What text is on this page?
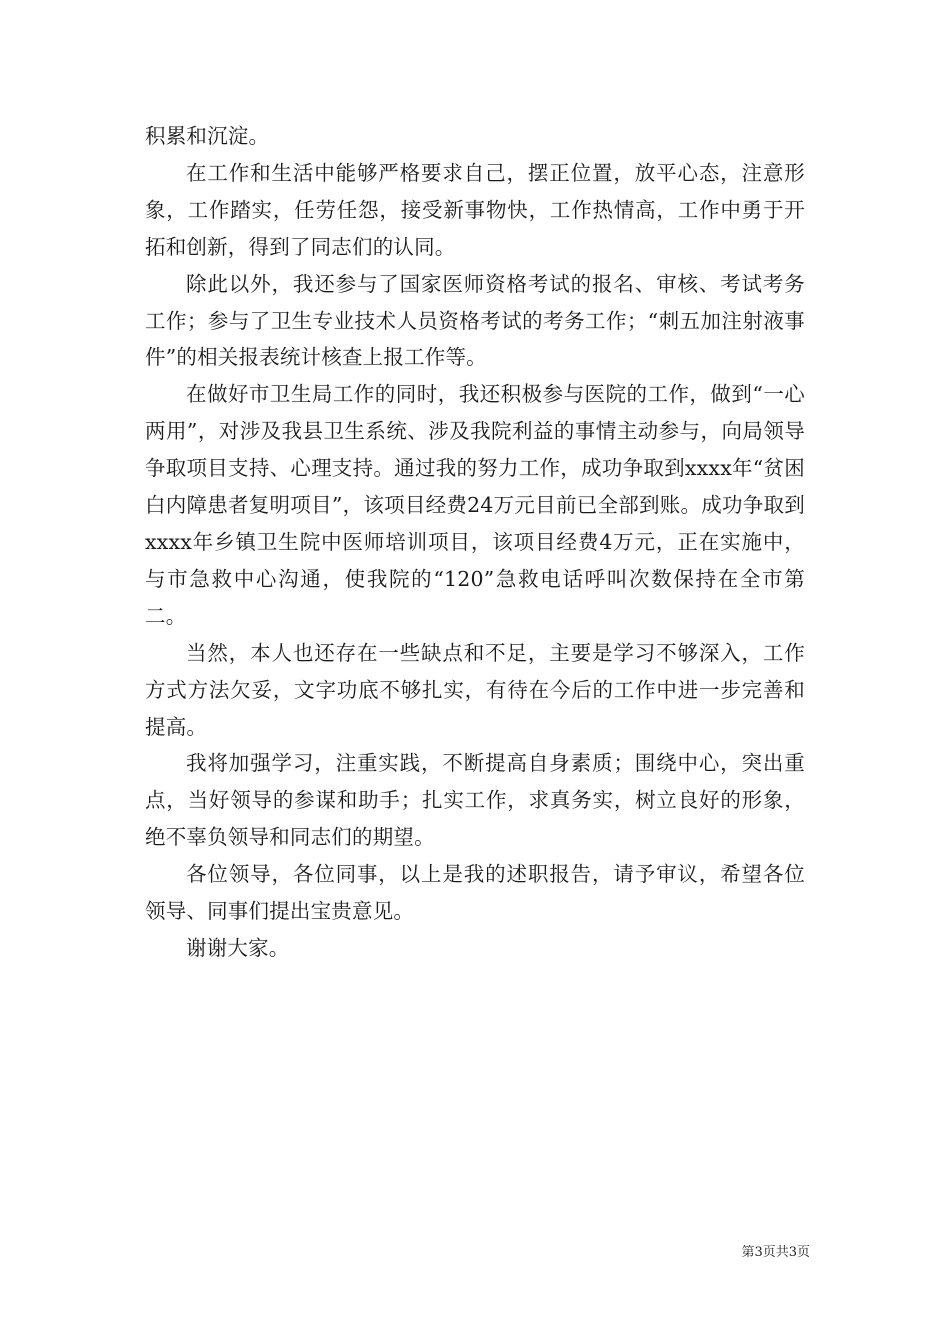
积累和沉淀。

在工作和生活中能够严格要求自己，摆正位置，放平心态，注意形象，工作踏实，任劳任怨，接受新事物快，工作热情高，工作中勇于开拓和创新，得到了同志们的认同。

除此以外，我还参与了国家医师资格考试的报名、审核、考试考务工作；参与了卫生专业技术人员资格考试的考务工作；“刺五加注射液事件”的相关报表统计核查上报工作等。

在做好市卫生局工作的同时，我还积极参与医院的工作，做到“一心两用”，对涉及我县卫生系统、涉及我院利益的事情主动参与，向局领导争取项目支持、心理支持。通过我的努力工作，成功争取到xxxx年“贫困白内障患者复明项目”，该项目经费24万元目前已全部到账。成功争取到xxxx年乡镇卫生院中医师培训项目，该项目经费4万元，正在实施中，与市急救中心沟通，使我院的“120”急救电话呼叫次数保持在全市第二。

当然，本人也还存在一些缺点和不足，主要是学习不够深入，工作方式方法欠妥，文字功底不够扎实，有待在今后的工作中进一步完善和提高。

我将加强学习，注重实践，不断提高自身素质；围绕中心，突出重点，当好领导的参谋和助手；扎实工作，求真务实，树立良好的形象，绝不辜负领导和同志们的期望。

各位领导，各位同事，以上是我的述职报告，请予审议，希望各位领导、同事们提出宝贵意见。

谢谢大家。

第3页共3页
